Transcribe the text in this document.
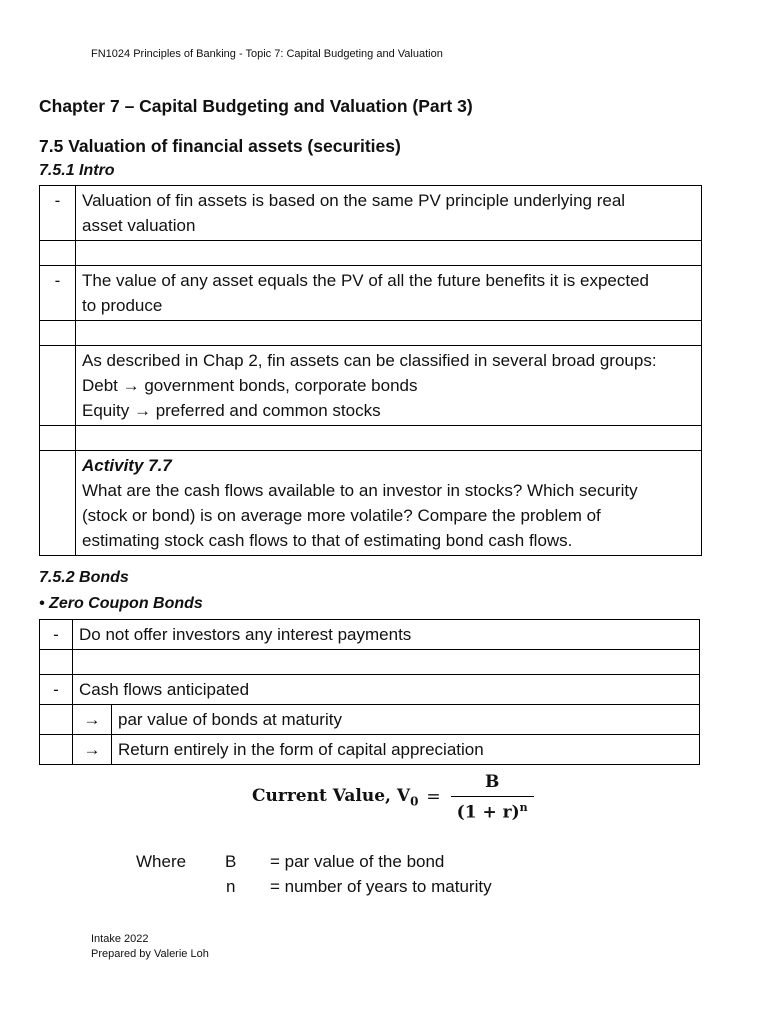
FN1024 Principles of Banking - Topic 7: Capital Budgeting and Valuation
Chapter 7 – Capital Budgeting and Valuation (Part 3)
7.5 Valuation of financial assets (securities)
7.5.1 Intro
-	Valuation of fin assets is based on the same PV principle underlying real
asset valuation

-	The value of any asset equals the PV of all the future benefits it is expected
to produce

	As described in Chap 2, fin assets can be classified in several broad groups:
Debt → government bonds, corporate bonds
Equity → preferred and common stocks

	Activity 7.7
What are the cash flows available to an investor in stocks? Which security
(stock or bond) is on average more volatile? Compare the problem of
estimating stock cash flows to that of estimating bond cash flows.
7.5.2 Bonds
• Zero Coupon Bonds
-	Do not offer investors any interest payments	

-	Cash flows anticipated	
	→	par value of bonds at maturity
	→	Return entirely in the form of capital appreciation
Current Value, $V_0 = \frac{B}{(1 + r)^n}$
Where B = par value of the bond
n = number of years to maturity
Intake 2022
Prepared by Valerie Loh
